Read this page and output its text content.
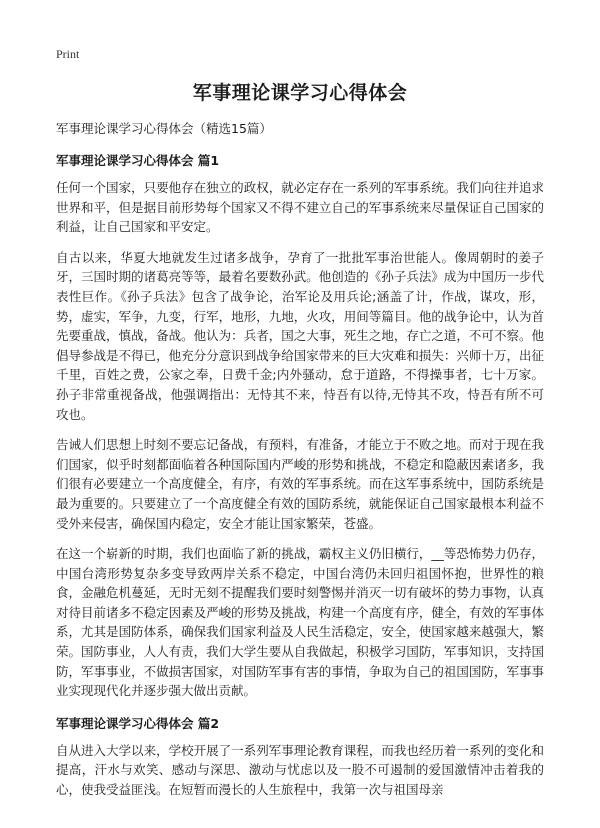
Print
军事理论课学习心得体会

军事理论课学习心得体会（精选15篇）

军事理论课学习心得体会 篇1

任何一个国家，只要他存在独立的政权，就必定存在一系列的军事系统。我们向往并追求世界和平，但是据目前形势每个国家又不得不建立自己的军事系统来尽量保证自己国家的利益，让自己国家和平安定。

自古以来，华夏大地就发生过诸多战争，孕育了一批批军事治世能人。像周朝时的姜子牙，三国时期的诸葛亮等等，最着名要数孙武。他创造的《孙子兵法》成为中国历一步代表性巨作。《孙子兵法》包含了战争论，治军论及用兵论;涵盖了计，作战，谋攻，形，势，虚实，军争，九变，行军，地形，九地，火攻，用间等篇目。他的战争论中，认为首先要重战，慎战，备战。他认为：兵者，国之大事，死生之地，存亡之道，不可不察。他倡导参战是不得已，他充分分意识到战争给国家带来的巨大灾难和损失：兴师十万，出征千里，百姓之费，公家之奉，日费千金;内外骚动，怠于道路，不得操事者，七十万家。孙子非常重视备战，他强调指出：无恃其不来，恃吾有以待,无恃其不攻，恃吾有所不可攻也。

告诫人们思想上时刻不要忘记备战，有预料，有准备，才能立于不败之地。而对于现在我们国家，似乎时刻都面临着各种国际国内严峻的形势和挑战，不稳定和隐蔽因素诸多，我们很有必要建立一个高度健全，有序，有效的军事系统。而在这军事系统中，国防系统是最为重要的。只要建立了一个高度健全有效的国防系统，就能保证自己国家最根本利益不受外来侵害，确保国内稳定，安全才能让国家繁荣，苍盛。

在这一个崭新的时期，我们也面临了新的挑战，霸权主义仍旧横行，__等恐怖势力仍存，中国台湾形势复杂多变导致两岸关系不稳定，中国台湾仍未回归祖国怀抱，世界性的粮食，金融危机蔓延，无时无刻不提醒我们要时刻警惕并消灭一切有破坏的势力事物，认真对待目前诸多不稳定因素及严峻的形势及挑战，构建一个高度有序，健全，有效的军事体系，尤其是国防体系，确保我们国家利益及人民生活稳定，安全，使国家越来越强大，繁荣。国防事业，人人有责，我们大学生要从自我做起，积极学习国防，军事知识，支持国防，军事事业，不做损害国家，对国防军事有害的事情，争取为自己的祖国国防，军事事业实现现代化并逐步强大做出贡献。

军事理论课学习心得体会 篇2

自从进入大学以来，学校开展了一系列军事理论教育课程，而我也经历着一系列的变化和提高，汗水与欢笑、感动与深思、激动与忧虑以及一股不可遏制的爱国激情冲击着我的心，使我受益匪浅。在短暂而漫长的人生旅程中，我第一次与祖国母亲
